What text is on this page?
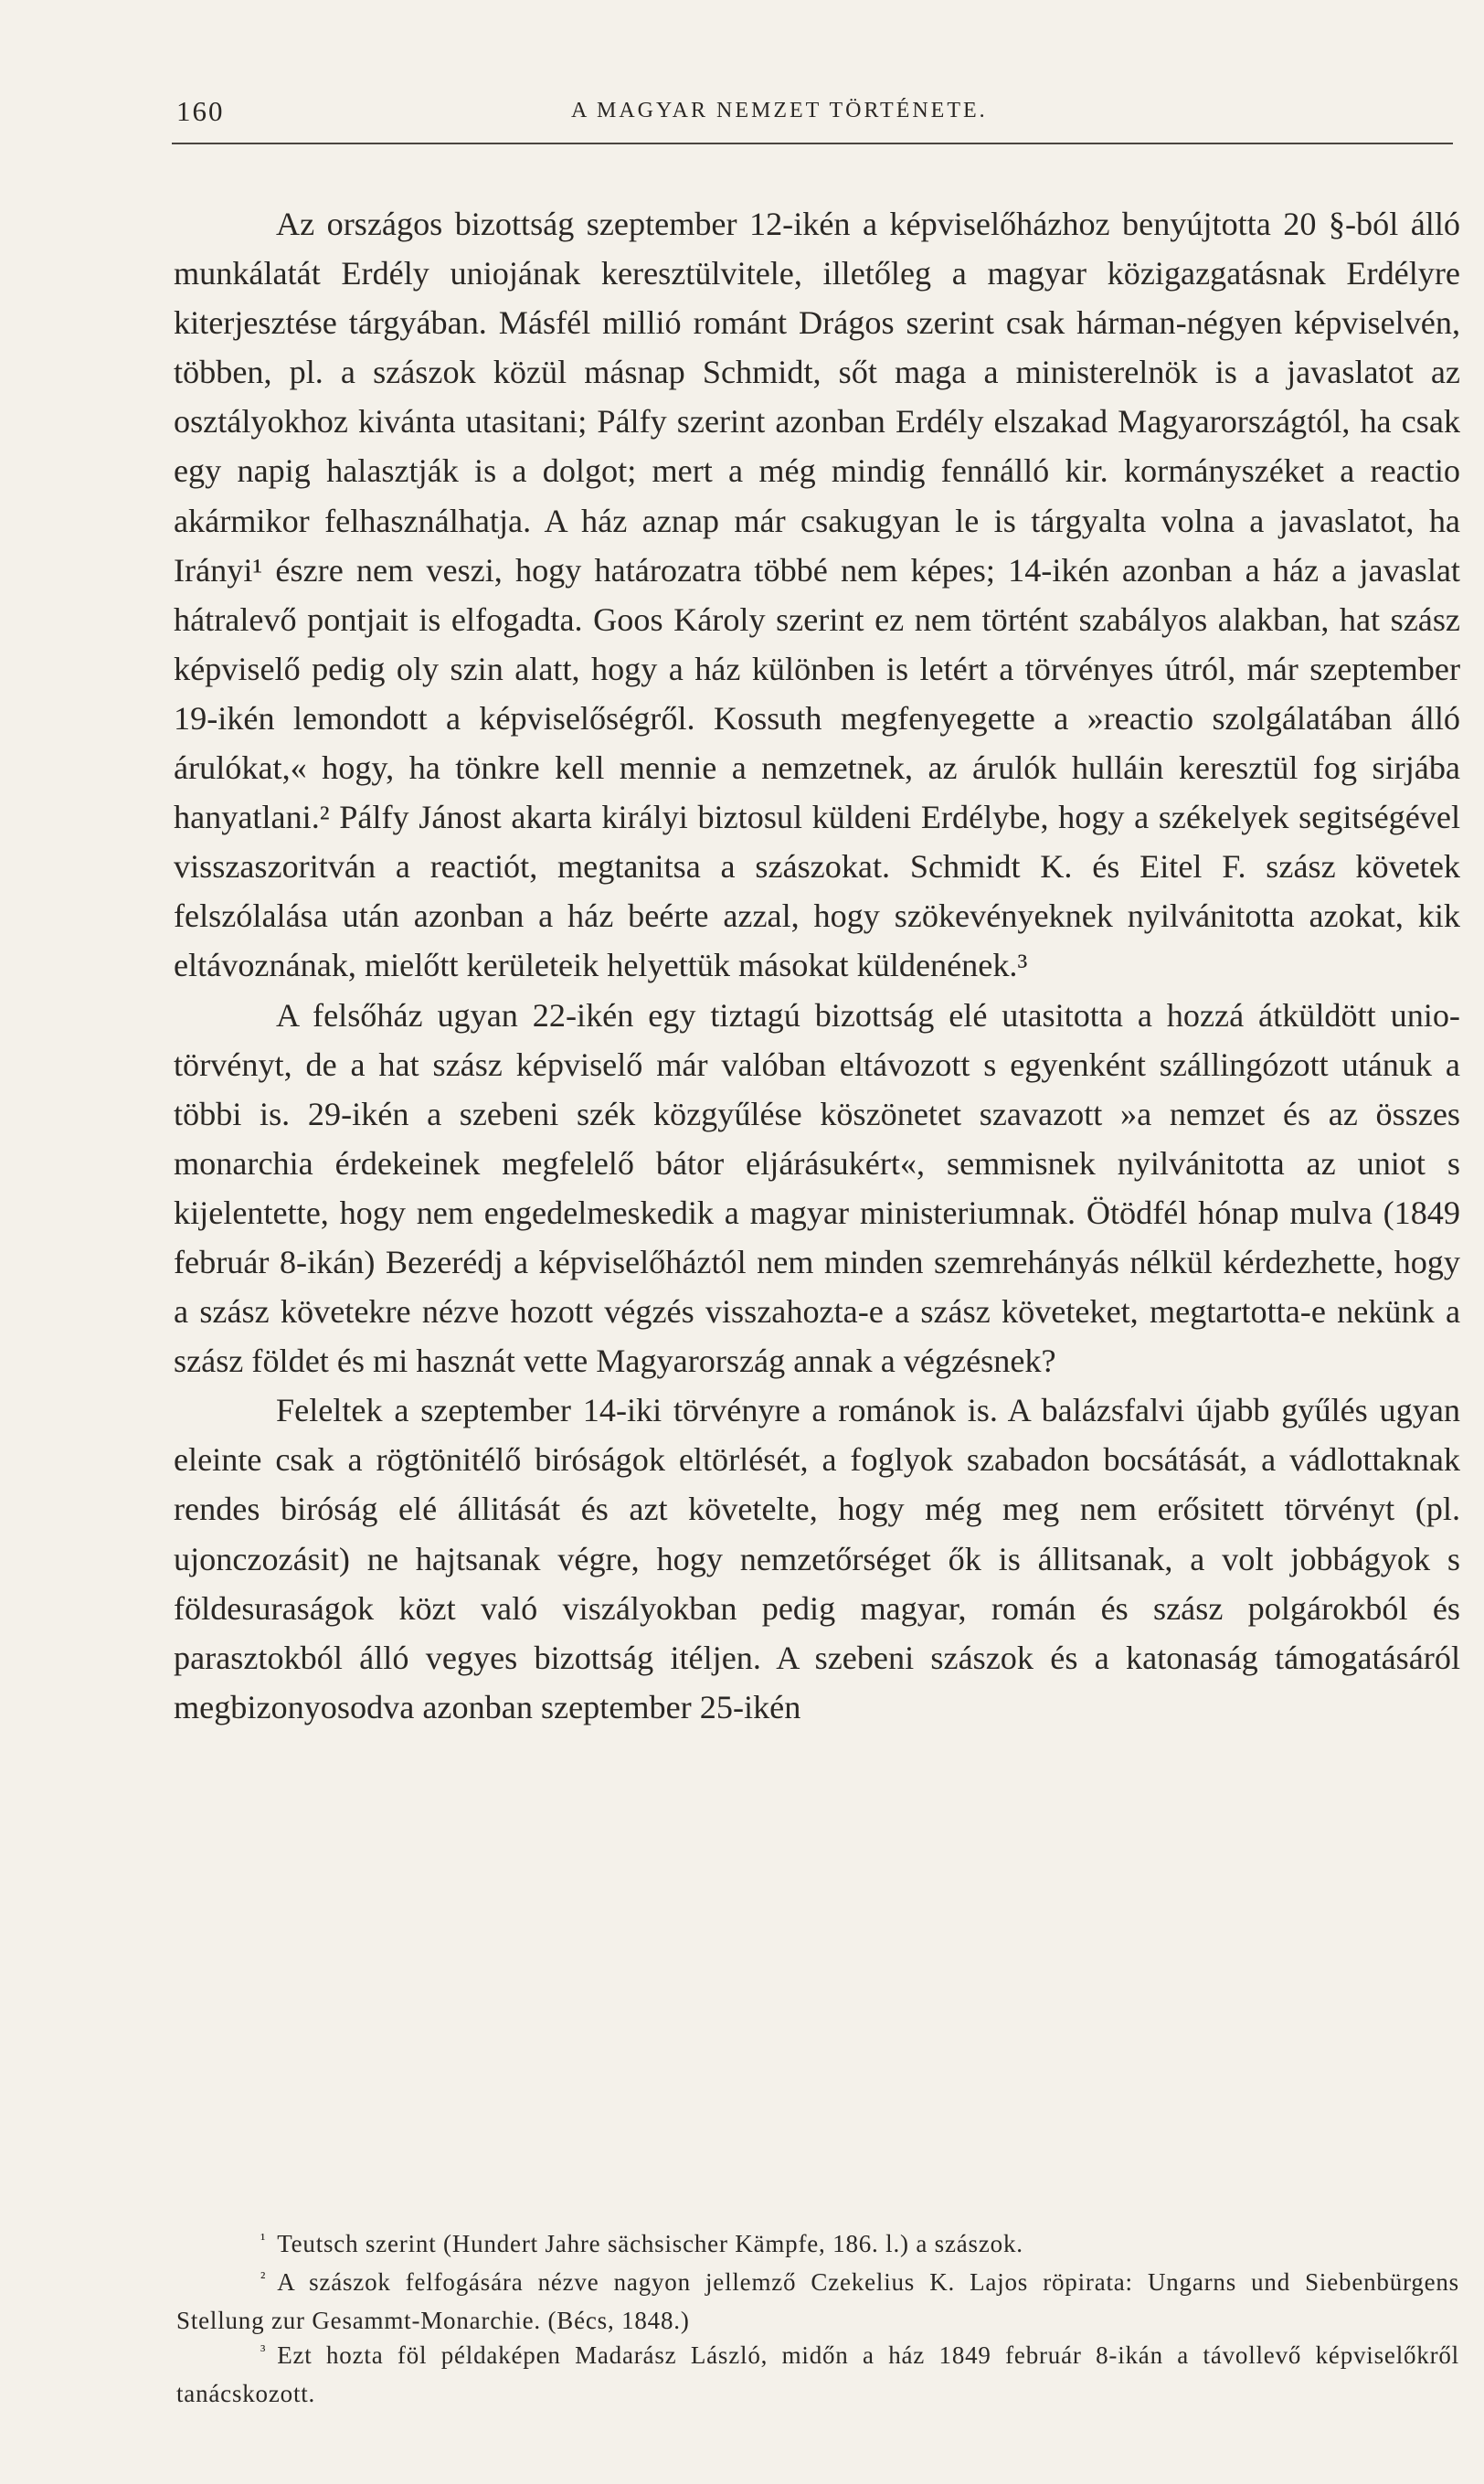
160	A MAGYAR NEMZET TÖRTÉNETE.

Az országos bizottság szeptember 12-ikén a képviselőházhoz benyújtotta 20 §-ból álló munkálatát Erdély uniojának keresztülvitele, illetőleg a magyar közigazgatásnak Erdélyre kiterjesztése tárgyában. Másfél millió románt Drágos szerint csak hárman-négyen képviselvén, többen, pl. a szászok közül másnap Schmidt, sőt maga a ministerelnök is a javaslatot az osztályokhoz kivánta utasitani; Pálfy szerint azonban Erdély elszakad Magyarországtól, ha csak egy napig halasztják is a dolgot; mert a még mindig fennálló kir. kormányszéket a reactio akármikor felhasználhatja. A ház aznap már csakugyan le is tárgyalta volna a javaslatot, ha Irányi¹ észre nem veszi, hogy határozatra többé nem képes; 14-ikén azonban a ház a javaslat hátralevő pontjait is elfogadta. Goos Károly szerint ez nem történt szabályos alakban, hat szász képviselő pedig oly szin alatt, hogy a ház különben is letért a törvényes útról, már szeptember 19-ikén lemondott a képviselőségről. Kossuth megfenyegette a »reactio szolgálatában álló árulókat,« hogy, ha tönkre kell mennie a nemzetnek, az árulók hulláin keresztül fog sirjába hanyatlani.² Pálfy Jánost akarta királyi biztosul küldeni Erdélybe, hogy a székelyek segitségével visszaszoritván a reactiót, megtanitsa a szászokat. Schmidt K. és Eitel F. szász követek felszólalása után azonban a ház beérte azzal, hogy szökevényeknek nyilvánitotta azokat, kik eltávoznának, mielőtt kerületeik helyettük másokat küldenének.³

A felsőház ugyan 22-ikén egy tiztagú bizottság elé utasitotta a hozzá átküldött unio-törvényt, de a hat szász képviselő már valóban eltávozott s egyenként szállingózott utánuk a többi is. 29-ikén a szebeni szék közgyűlése köszönetet szavazott »a nemzet és az összes monarchia érdekeinek megfelelő bátor eljárásukért«, semmisnek nyilvánitotta az uniot s kijelentette, hogy nem engedelmeskedik a magyar ministeriumnak. Ötödfél hónap mulva (1849 február 8-ikán) Bezerédj a képviselőháztól nem minden szemrehányás nélkül kérdezhette, hogy a szász követekre nézve hozott végzés visszahozta-e a szász követeket, megtartotta-e nekünk a szász földet és mi hasznát vette Magyarország annak a végzésnek?

Feleltek a szeptember 14-iki törvényre a románok is. A balázsfalvi újabb gyűlés ugyan eleinte csak a rögtönitélő biróságok eltörlését, a foglyok szabadon bocsátását, a vádlottaknak rendes biróság elé állitását és azt követelte, hogy még meg nem erősitett törvényt (pl. ujonczozásit) ne hajtsanak végre, hogy nemzetőrséget ők is állitsanak, a volt jobbágyok s földesuraságok közt való viszályokban pedig magyar, román és szász polgárokból és parasztokból álló vegyes bizottság itéljen. A szebeni szászok és a katonaság támogatásáról megbizonyosodva azonban szeptember 25-ikén

$^{^1}$ Teutsch szerint (Hundert Jahre sächsischer Kämpfe, 186. l.) a szászok.

$^{^2}$ A szászok felfogására nézve nagyon jellemző Czekelius K. Lajos röpirata: Ungarns und Siebenbürgens Stellung zur Gesammt-Monarchie. (Bécs, 1848.)

$^{^3}$ Ezt hozta föl példaképen Madarász László, midőn a ház 1849 február 8-ikán a távollevő képviselőkről tanácskozott.
